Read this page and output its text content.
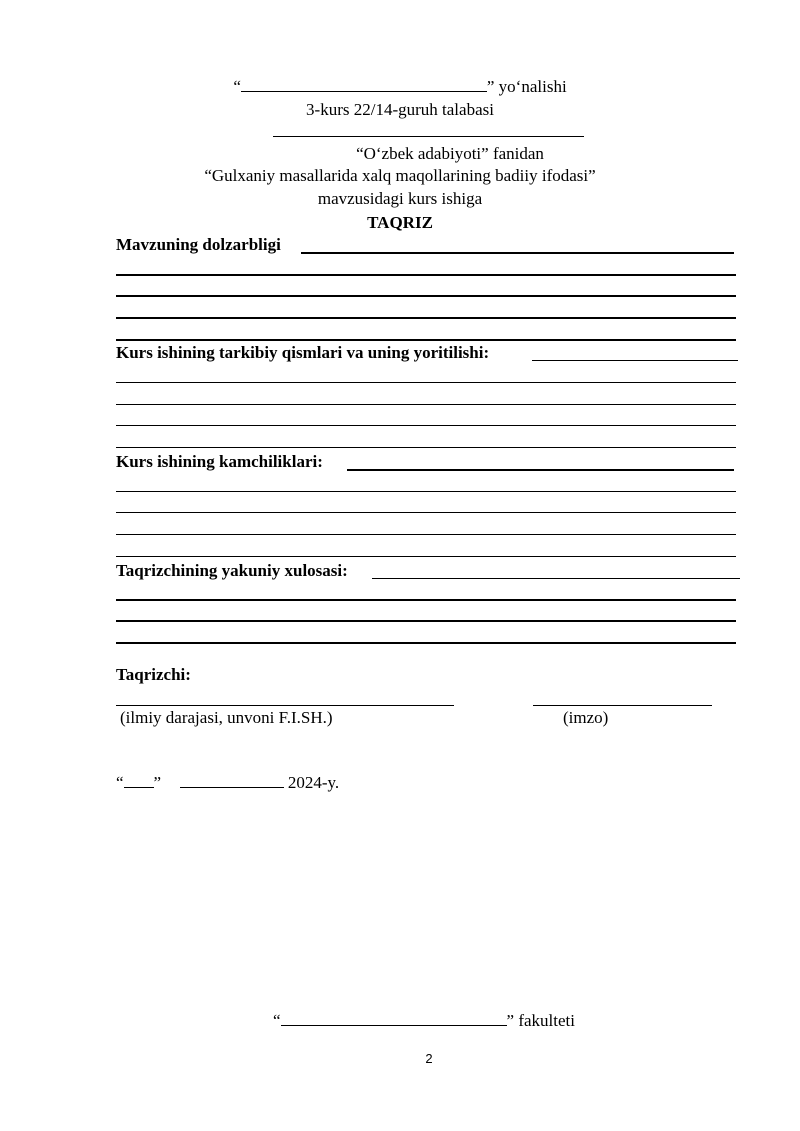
“	” yo‘nalishi
3-kurs 22/14-guruh talabasi
“O‘zbek adabiyoti” fanidan
“Gulxaniy masallarida xalq maqollarining badiiy ifodasi”
mavzusidagi kurs ishiga
TAQRIZ
Mavzuning dolzarbligi
Kurs ishining tarkibiy qismlari va uning yoritilishi:
Kurs ishining kamchiliklari:
Taqrizchining yakuniy xulosasi:
Taqrizchi:
(ilmiy darajasi, unvoni F.I.SH.)	(imzo)
“ ”	2024-y.
“	” fakulteti
2
